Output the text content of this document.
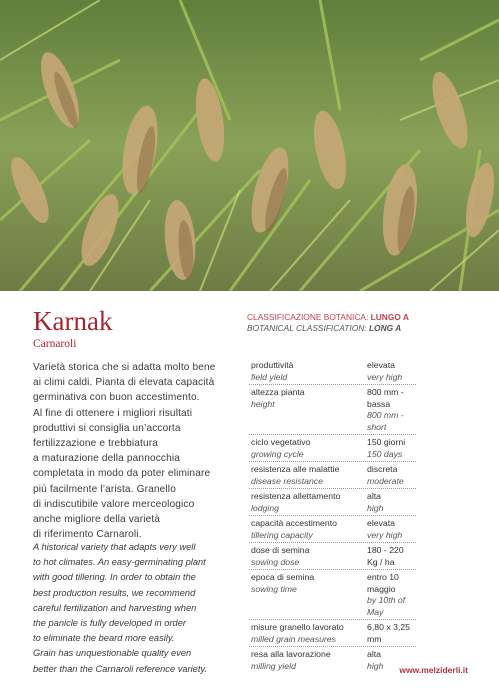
Karnak
Carnaroli
CLASSIFICAZIONE BOTANICA: LUNGO A
BOTANICAL CLASSIFICATION: LONG A

Varietà storica che si adatta molto bene

ai climi caldi. Pianta di elevata capacità

germinativa con buon accestimento.

Al fine di ottenere i migliori risultati

produttivi si consiglia un’accorta

fertilizzazione e trebbiatura

a maturazione della pannocchia

completata in modo da poter eliminare

più facilmente l’arista. Granello

di indiscutibile valore merceologico

anche migliore della varietà

di riferimento Carnaroli.

A historical variety that adapts very well

to hot climates. An easy-germinating plant

with good tillering. In order to obtain the

best production results, we recommend

careful fertilization and harvesting when

the panicle is fully developed in order

to eliminate the beard more easily.

Grain has unquestionable quality even

better than the Carnaroli reference variety.

produttività
field yield
elevata
very high
altezza pianta
height
800 mm - bassa
800 mm - short
ciclo vegetativo
growing cycle
150 giorni
150 days
resistenza alle malattie
disease resistance
discreta
moderate
resistenza allettamento
lodging
alta
high
capacità accestimento
tillering capacity
elevata
very high
dose di semina
sowing dose
180 - 220 Kg / ha
epoca di semina
sowing time
entro 10 maggio
by 10th of May
misure granello lavorato
milled grain measures
6,80 x 3,25 mm
resa alla lavorazione
milling yield
alta
high	www.melziderli.it
